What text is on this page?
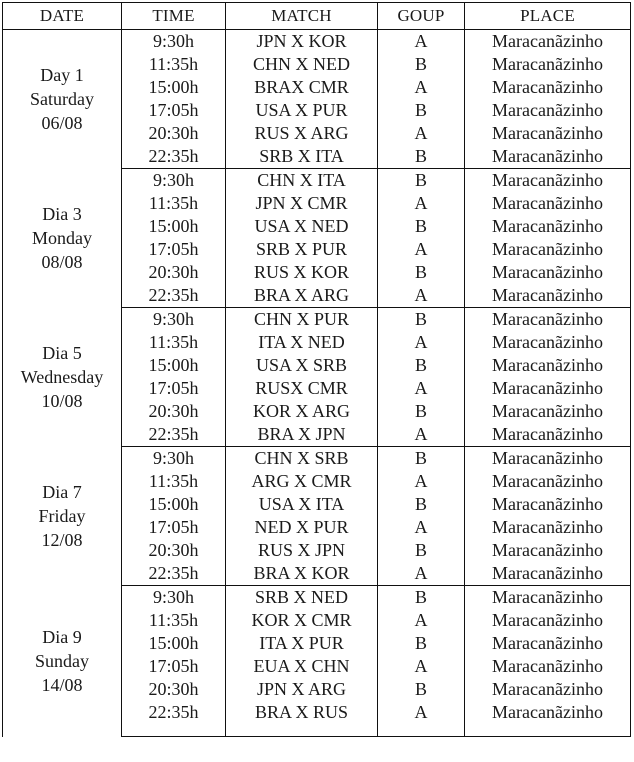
DATE	TIME	MATCH	GOUP	PLACE

Day 1
Saturday
06/08	9:30h	JPN X KOR	A	Maracanãzinho
	11:35h	CHN X NED	B	Maracanãzinho
	15:00h	BRAX CMR	A	Maracanãzinho
	17:05h	USA X PUR	B	Maracanãzinho
	20:30h	RUS X ARG	A	Maracanãzinho
	22:35h	SRB X ITA	B	Maracanãzinho

Dia 3
Monday
08/08	9:30h	CHN X ITA	B	Maracanãzinho
	11:35h	JPN X CMR	A	Maracanãzinho
	15:00h	USA X NED	B	Maracanãzinho
	17:05h	SRB X PUR	A	Maracanãzinho
	20:30h	RUS X KOR	B	Maracanãzinho
	22:35h	BRA X ARG	A	Maracanãzinho

Dia 5
Wednesday
10/08	9:30h	CHN X PUR	B	Maracanãzinho
	11:35h	ITA X NED	A	Maracanãzinho
	15:00h	USA X SRB	B	Maracanãzinho
	17:05h	RUSX CMR	A	Maracanãzinho
	20:30h	KOR X ARG	B	Maracanãzinho
	22:35h	BRA X JPN	A	Maracanãzinho

Dia 7
Friday
12/08	9:30h	CHN X SRB	B	Maracanãzinho
	11:35h	ARG X CMR	A	Maracanãzinho
	15:00h	USA X ITA	B	Maracanãzinho
	17:05h	NED X PUR	A	Maracanãzinho
	20:30h	RUS X JPN	B	Maracanãzinho
	22:35h	BRA X KOR	A	Maracanãzinho

Dia 9
Sunday
14/08	9:30h	SRB X NED	B	Maracanãzinho
	11:35h	KOR X CMR	A	Maracanãzinho
	15:00h	ITA X PUR	B	Maracanãzinho
	17:05h	EUA X CHN	A	Maracanãzinho
	20:30h	JPN X ARG	B	Maracanãzinho
	22:35h	BRA X RUS	A	Maracanãzinho
